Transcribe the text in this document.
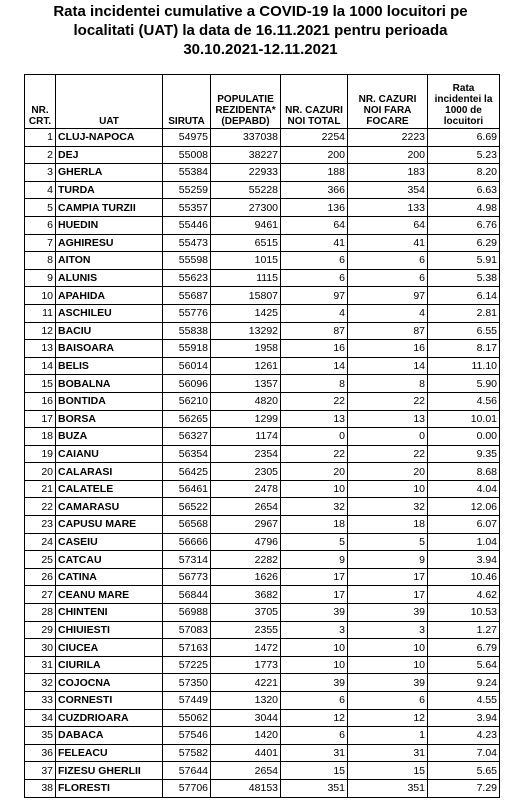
Rata incidentei cumulative a COVID-19 la 1000 locuitori pe
localitati (UAT) la data de 16.11.2021 pentru perioada
30.10.2021-12.11.2021
NR.
CRT.	UAT	SIRUTA	POPULATIE REZIDENTA* (DEPABD)	NR. CAZURI NOI TOTAL	NR. CAZURI NOI FARA FOCARE	Rata incidentei la 1000 de locuitori
1	CLUJ-NAPOCA	54975	337038	2254	2223	6.69
2	DEJ	55008	38227	200	200	5.23
3	GHERLA	55384	22933	188	183	8.20
4	TURDA	55259	55228	366	354	6.63
5	CAMPIA TURZII	55357	27300	136	133	4.98
6	HUEDIN	55446	9461	64	64	6.76
7	AGHIRESU	55473	6515	41	41	6.29
8	AITON	55598	1015	6	6	5.91
9	ALUNIS	55623	1115	6	6	5.38
10	APAHIDA	55687	15807	97	97	6.14
11	ASCHILEU	55776	1425	4	4	2.81
12	BACIU	55838	13292	87	87	6.55
13	BAISOARA	55918	1958	16	16	8.17
14	BELIS	56014	1261	14	14	11.10
15	BOBALNA	56096	1357	8	8	5.90
16	BONTIDA	56210	4820	22	22	4.56
17	BORSA	56265	1299	13	13	10.01
18	BUZA	56327	1174	0	0	0.00
19	CAIANU	56354	2354	22	22	9.35
20	CALARASI	56425	2305	20	20	8.68
21	CALATELE	56461	2478	10	10	4.04
22	CAMARASU	56522	2654	32	32	12.06
23	CAPUSU MARE	56568	2967	18	18	6.07
24	CASEIU	56666	4796	5	5	1.04
25	CATCAU	57314	2282	9	9	3.94
26	CATINA	56773	1626	17	17	10.46
27	CEANU MARE	56844	3682	17	17	4.62
28	CHINTENI	56988	3705	39	39	10.53
29	CHIUIESTI	57083	2355	3	3	1.27
30	CIUCEA	57163	1472	10	10	6.79
31	CIURILA	57225	1773	10	10	5.64
32	COJOCNA	57350	4221	39	39	9.24
33	CORNESTI	57449	1320	6	6	4.55
34	CUZDRIOARA	55062	3044	12	12	3.94
35	DABACA	57546	1420	6	1	4.23
36	FELEACU	57582	4401	31	31	7.04
37	FIZESU GHERLII	57644	2654	15	15	5.65
38	FLORESTI	57706	48153	351	351	7.29
